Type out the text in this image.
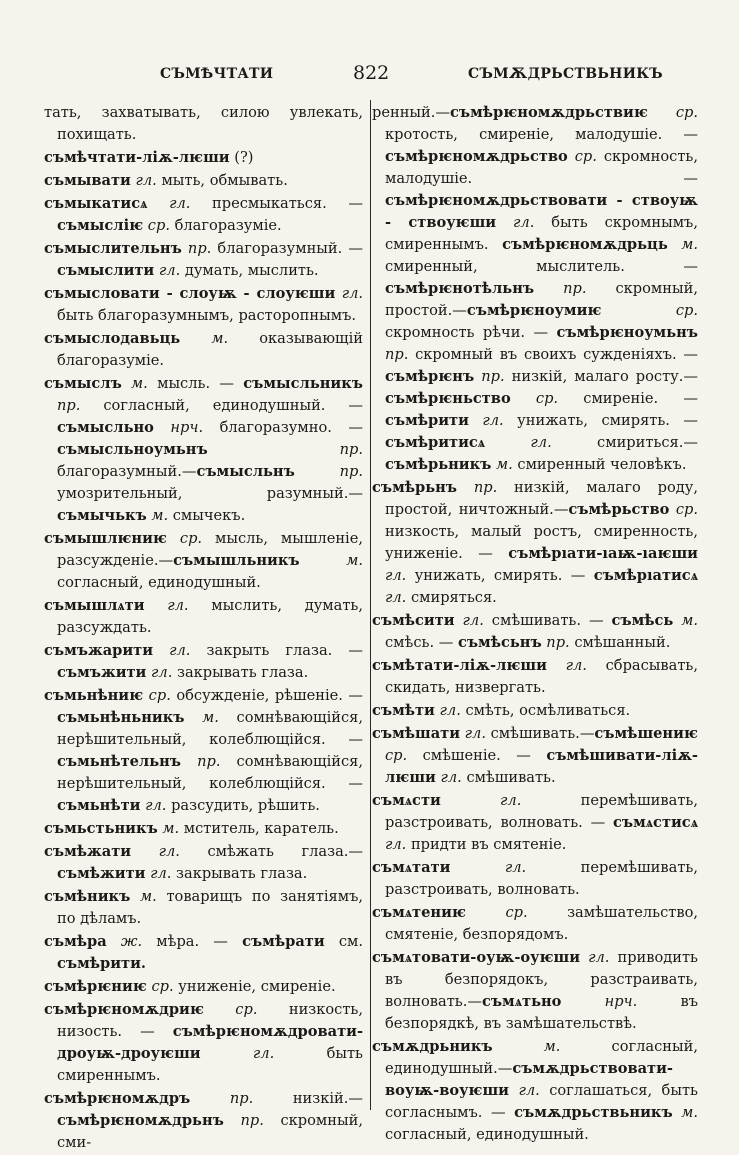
СЪМѢЧТАТИ	822	СЪМѪДРЬСТВЬНИКЪ

тать, захватывать, силою увлекать, похищать.

съмѣчтати-ліѫ-лѥши (?)

съмывати гл. мыть, обмывать.

съмыкатисѧ гл. пресмыкаться. — съмысліѥ ср. благоразуміе.

съмыслительнъ пр. благоразумный. —съмыслити гл. думать, мыслить.

съмысловати - слоуѭ - слоуѥши гл. быть благоразумнымъ, расторопнымъ.

съмыслодавьць м. оказывающій благоразуміе.

съмыслъ м. мысль. — съмысльникъ пр. согласный, единодушный. — съмысльно нрч. благоразумно. — съмысльноумьнъ пр. благоразумный.—съмысльнъ пр. умозрительный, разумный.—съмычькъ м. смычекъ.

съмышлѥниѥ ср. мысль, мышленіе, разсужденіе.—съмышльникъ м. согласный, единодушный.

съмышлѧти гл. мыслить, думать, разсуждать.

съмъжарити гл. закрыть глаза. — съмъжити гл. закрывать глаза.

съмьнѣниѥ ср. обсужденіе, рѣшеніе. —съмьнѣньникъ м. сомнѣвающійся, нерѣшительный, колеблющійся. — съмьнѣтельнъ пр. сомнѣвающійся, нерѣшительный, колеблющійся. — съмьнѣти гл. разсудить, рѣшить.

съмьстьникъ м. мститель, каратель.

съмѣжати гл. смѣжать глаза.—съмѣжити гл. закрывать глаза.

съмѣникъ м. товарищъ по занятіямъ, по дѣламъ.

съмѣра ж. мѣра. — съмѣрати см. съмѣрити.

съмѣрѥниѥ ср. униженіе, смиреніе.

съмѣрѥномѫдриѥ ср. низкость, низость. — съмѣрѥномѫдровати-дроуѭ-дроуѥши гл. быть смиреннымъ.

съмѣрѥномѫдръ пр. низкій.—съмѣрѥномѫдрьнъ пр. скромный, сми-

ренный.—съмѣрѥномѫдрьствиѥ ср. кротость, смиреніе, малодушіе. — съмѣрѥномѫдрьство ср. скромность, малодушіе. — съмѣрѥномѫдрьствовати - ствоуѭ - ствоуѥши гл. быть скромнымъ, смиреннымъ. съмѣрѥномѫдрьць м. смиренный, мыслитель. — съмѣрѥнотѣльнъ пр. скромный, простой.—съмѣрѥноумиѥ ср. скромность рѣчи. — съмѣрѥноумьнъ пр. скромный въ своихъ сужденіяхъ. — съмѣрѥнъ пр. низкій, малаго росту.—съмѣрѥньство ср. смиреніе. — съмѣрити гл. унижать, смирять. — съмѣритисѧ гл. смириться.—съмѣрьникъ м. смиренный человѣкъ.

съмѣрьнъ пр. низкій, малаго роду, простой, ничтожный.—съмѣрьство ср. низкость, малый ростъ, смиренность, униженіе. — съмѣрıати-ıаѭ-ıаѥши гл. унижать, смирять. — съмѣрıатисѧ гл. смиряться.

съмѣсити гл. смѣшивать. — съмѣсь м. смѣсь. — съмѣсьнъ пр. смѣшанный.

съмѣтати-ліѫ-лѥши гл. сбрасывать, скидать, низвергать.

съмѣти гл. смѣть, осмѣливаться.

съмѣшати гл. смѣшивать.—съмѣшениѥ ср. смѣшеніе. — съмѣшивати-ліѫ-лѥши гл. смѣшивать.

съмѧсти гл. перемѣшивать, разстроивать, волновать. — съмѧстисѧ гл. придти въ смятеніе.

съмѧтати гл. перемѣшивать, разстроивать, волновать.

съмѧтениѥ ср. замѣшательство, смятеніе, безпорядомъ.

съмѧтовати-оуѭ-оуѥши гл. приводить въ безпорядокъ, разстраивать, волновать.—съмѧтьно нрч. въ безпорядкѣ, въ замѣшательствѣ.

съмѫдрьникъ м. согласный, единодушный.—съмѫдрьствовати-воуѭ-воуѥши гл. соглашаться, быть согласнымъ. — съмѫдрьствьникъ м. согласный, единодушный.
